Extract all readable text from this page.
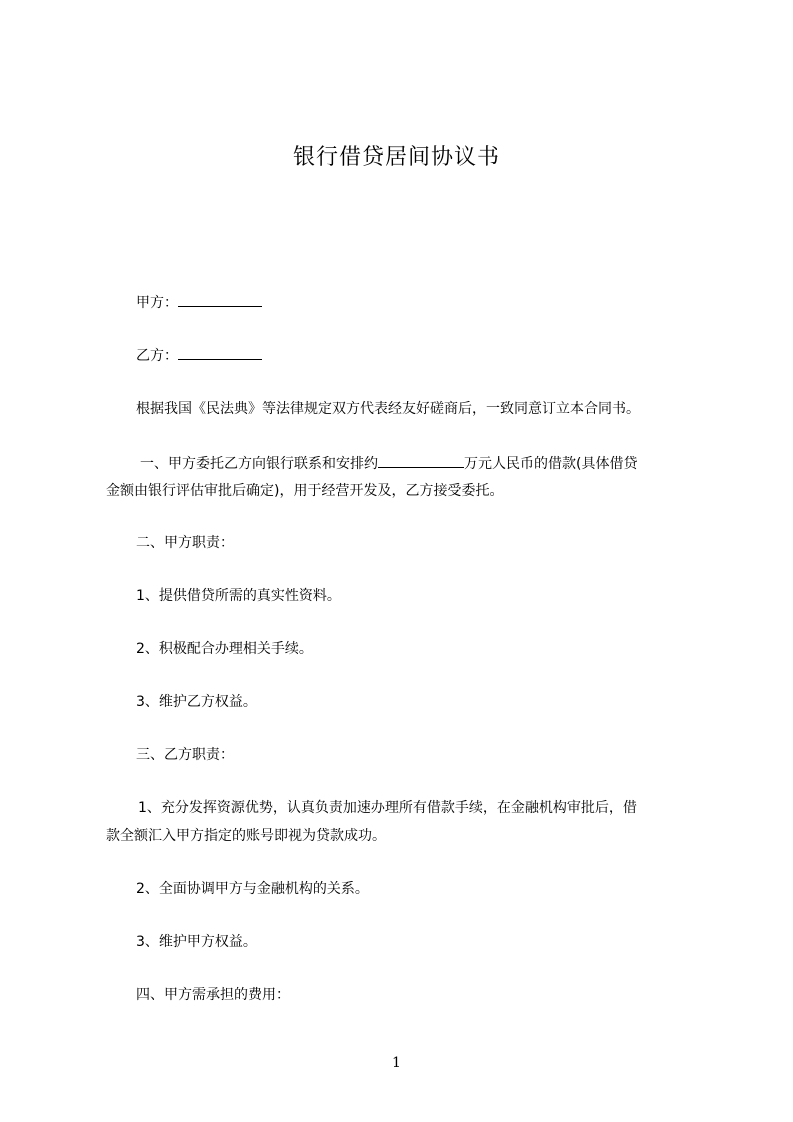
银行借贷居间协议书
甲方：
乙方：
根据我国《民法典》等法律规定双方代表经友好磋商后，一致同意订立本合同书。
一、甲方委托乙方向银行联系和安排约	万元人民币的借款(具体借贷
金额由银行评估审批后确定)，用于经营开发及，乙方接受委托。
二、甲方职责：
1、提供借贷所需的真实性资料。
2、积极配合办理相关手续。
3、维护乙方权益。
三、乙方职责：
1、充分发挥资源优势，认真负责加速办理所有借款手续，在金融机构审批后，借
款全额汇入甲方指定的账号即视为贷款成功。
2、全面协调甲方与金融机构的关系。
3、维护甲方权益。
四、甲方需承担的费用：
1
